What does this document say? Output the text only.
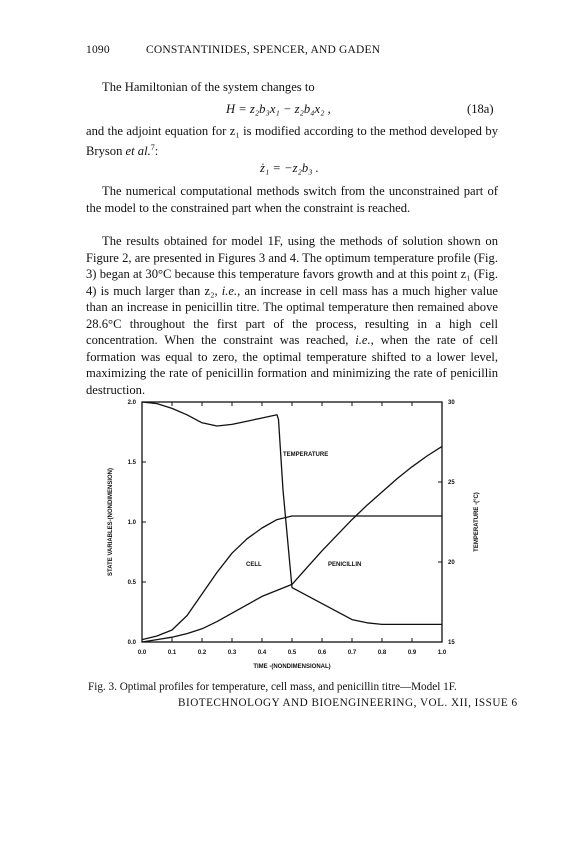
1090	CONSTANTINIDES, SPENCER, AND GADEN

The Hamiltonian of the system changes to

H = z₂b₃x₁ − z₂b₄x₂ ,	(18a)

and the adjoint equation for z₁ is modified according to the method developed by Bryson et al.$^7$:

ż₁ = −z₂b₃ .

The numerical computational methods switch from the unconstrained part of the model to the constrained part when the constraint is reached.

The results obtained for model 1F, using the methods of solution shown on Figure 2, are presented in Figures 3 and 4. The optimum temperature profile (Fig. 3) began at 30°C because this temperature favors growth and at this point z₁ (Fig. 4) is much larger than z₂, i.e., an increase in cell mass has a much higher value than an increase in penicillin titre. The optimal temperature then remained above 28.6°C throughout the first part of the process, resulting in a high cell concentration. When the constraint was reached, i.e., when the rate of cell formation was equal to zero, the optimal temperature shifted to a lower level, maximizing the rate of penicillin formation and minimizing the rate of penicillin destruction.

0.0	0.1	0.2	0.3	0.4	0.5	0.6	0.7	0.8	0.9	1.0
0.0
0.5
1.0
1.5
2.0
15
20
25
30
TIME -(NONDIMENSIONAL)
STATE VARIABLES-(NONDIMENSION)	TEMPERATURE -(°C)
TEMPERATURE
CELL	PENICILLIN
Fig. 3. Optimal profiles for temperature, cell mass, and penicillin titre—Model 1F.
BIOTECHNOLOGY AND BIOENGINEERING, VOL. XII, ISSUE 6
